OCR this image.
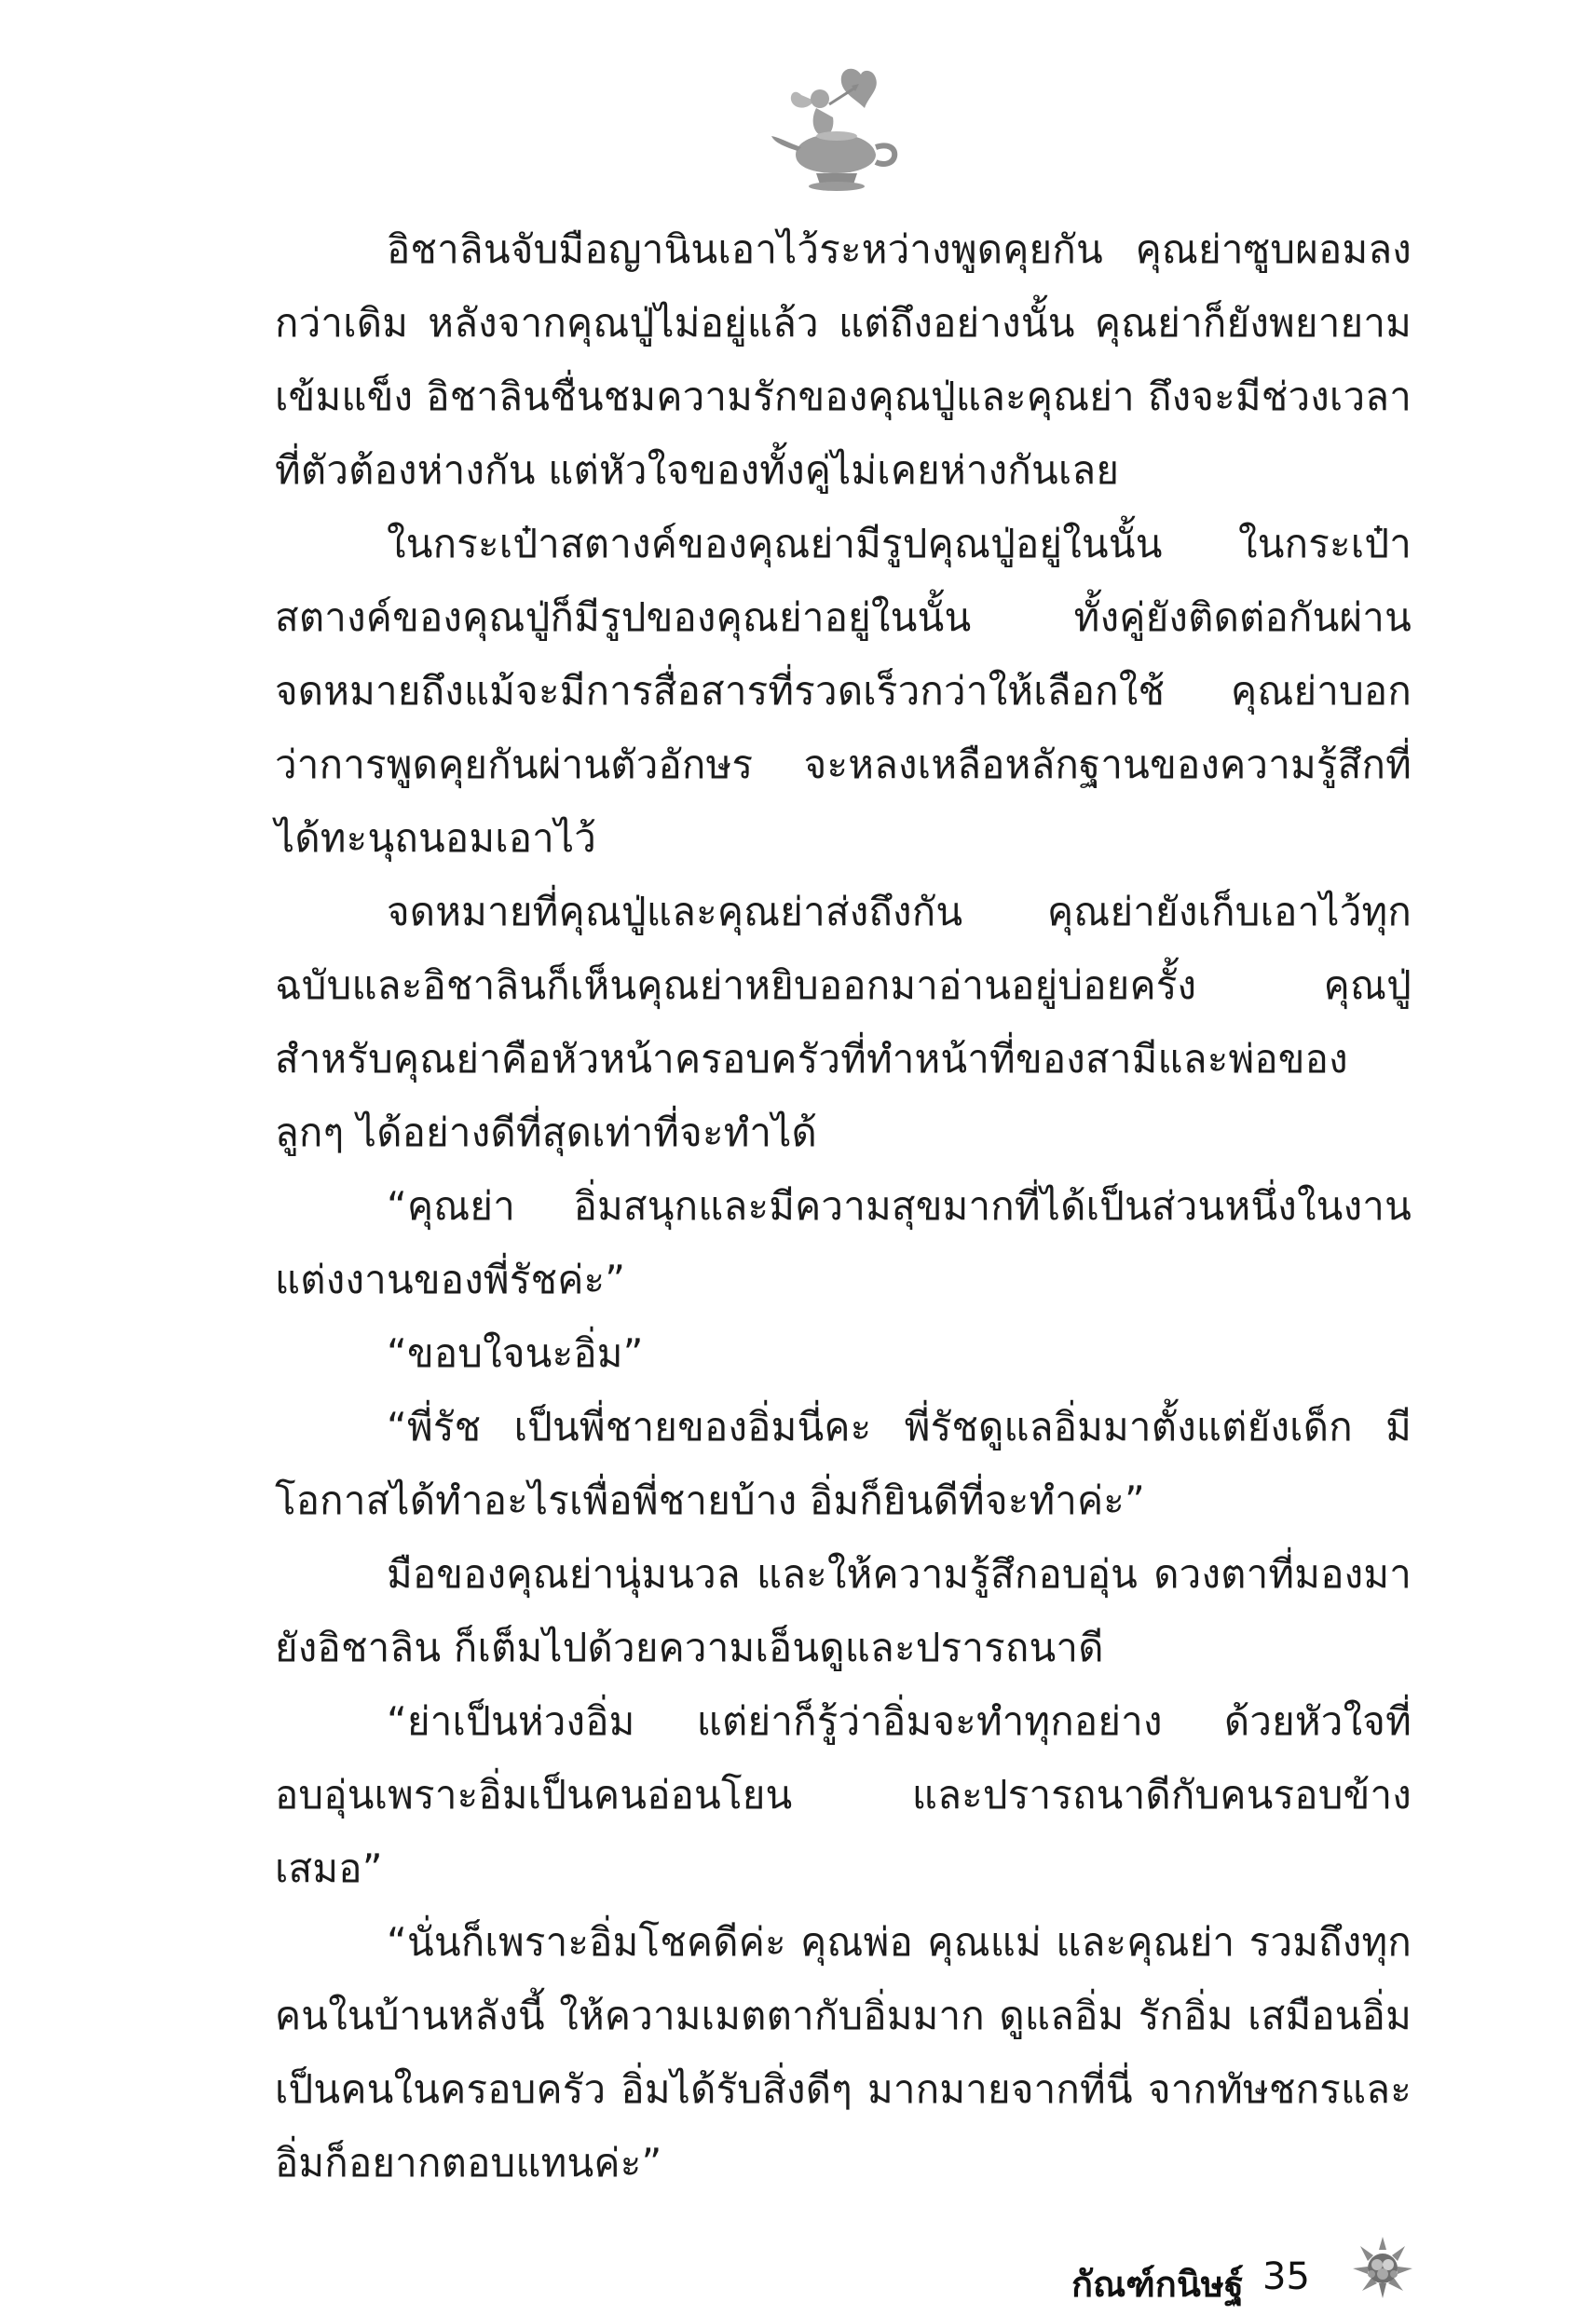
อิชาลินจับมือญานินเอาไว้ระหว่างพูดคุยกัน คุณย่าซูบผอมลงกว่าเดิม หลังจากคุณปู่ไม่อยู่แล้ว แต่ถึงอย่างนั้น คุณย่าก็ยังพยายามเข้มแข็ง อิชาลินชื่นชมความรักของคุณปู่และคุณย่า ถึงจะมีช่วงเวลาที่ตัวต้องห่างกัน แต่หัวใจของทั้งคู่ไม่เคยห่างกันเลย

ในกระเป๋าสตางค์ของคุณย่ามีรูปคุณปู่อยู่ในนั้น ในกระเป๋าสตางค์ของคุณปู่ก็มีรูปของคุณย่าอยู่ในนั้น ทั้งคู่ยังติดต่อกันผ่านจดหมายถึงแม้จะมีการสื่อสารที่รวดเร็วกว่าให้เลือกใช้ คุณย่าบอกว่าการพูดคุยกันผ่านตัวอักษร จะหลงเหลือหลักฐานของความรู้สึกที่ได้ทะนุถนอมเอาไว้

จดหมายที่คุณปู่และคุณย่าส่งถึงกัน คุณย่ายังเก็บเอาไว้ทุกฉบับและอิชาลินก็เห็นคุณย่าหยิบออกมาอ่านอยู่บ่อยครั้ง คุณปู่สำหรับคุณย่าคือหัวหน้าครอบครัวที่ทำหน้าที่ของสามีและพ่อของลูกๆ ได้อย่างดีที่สุดเท่าที่จะทำได้

“คุณย่า อิ่มสนุกและมีความสุขมากที่ได้เป็นส่วนหนึ่งในงานแต่งงานของพี่รัชค่ะ”

“ขอบใจนะอิ่ม”

“พี่รัช เป็นพี่ชายของอิ่มนี่คะ พี่รัชดูแลอิ่มมาตั้งแต่ยังเด็ก มีโอกาสได้ทำอะไรเพื่อพี่ชายบ้าง อิ่มก็ยินดีที่จะทำค่ะ”

มือของคุณย่านุ่มนวล และให้ความรู้สึกอบอุ่น ดวงตาที่มองมายังอิชาลิน ก็เต็มไปด้วยความเอ็นดูและปรารถนาดี

“ย่าเป็นห่วงอิ่ม แต่ย่าก็รู้ว่าอิ่มจะทำทุกอย่าง ด้วยหัวใจที่อบอุ่นเพราะอิ่มเป็นคนอ่อนโยน และปรารถนาดีกับคนรอบข้างเสมอ”

“นั่นก็เพราะอิ่มโชคดีค่ะ คุณพ่อ คุณแม่ และคุณย่า รวมถึงทุกคนในบ้านหลังนี้ ให้ความเมตตากับอิ่มมาก ดูแลอิ่ม รักอิ่ม เสมือนอิ่มเป็นคนในครอบครัว อิ่มได้รับสิ่งดีๆ มากมายจากที่นี่ จากทัษชกรและอิ่มก็อยากตอบแทนค่ะ”

กัณฑ์กนิษฐ์ 35
